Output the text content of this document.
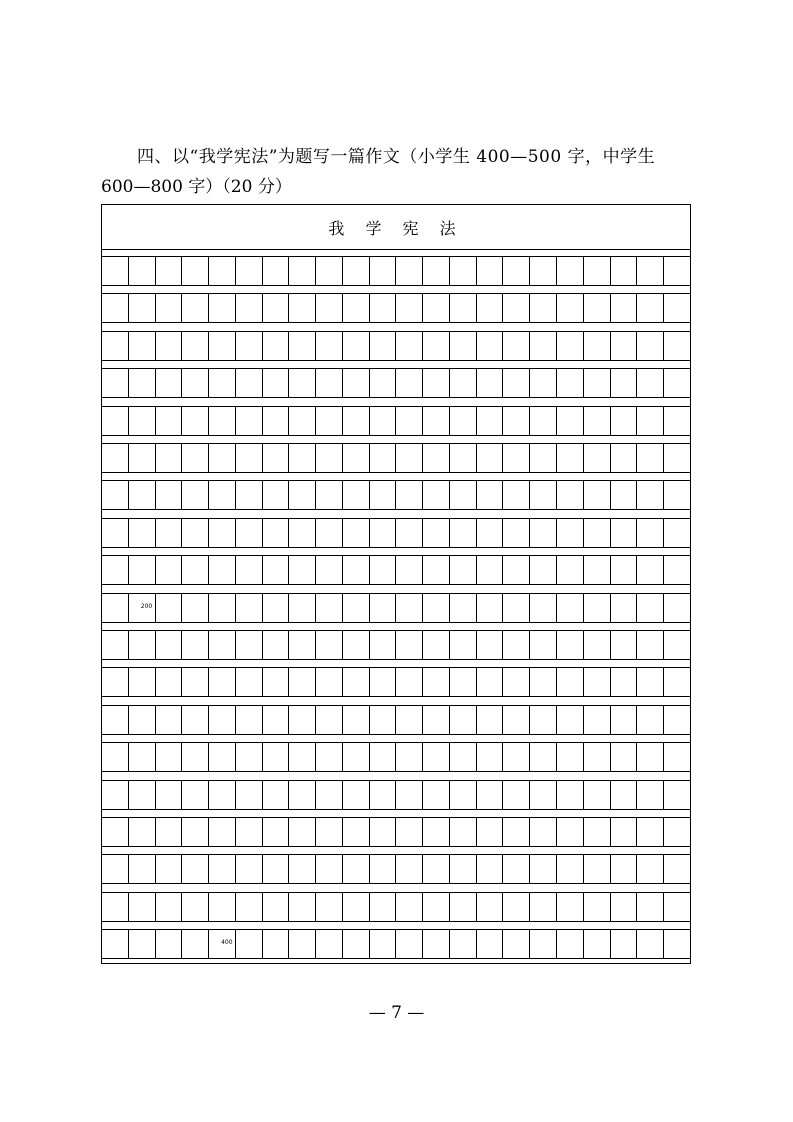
四、以“我学宪法”为题写一篇作文（小学生 400—500 字，中学生
600—800 字）（20 分）
我 学 宪 法
200
400
— 7 —
